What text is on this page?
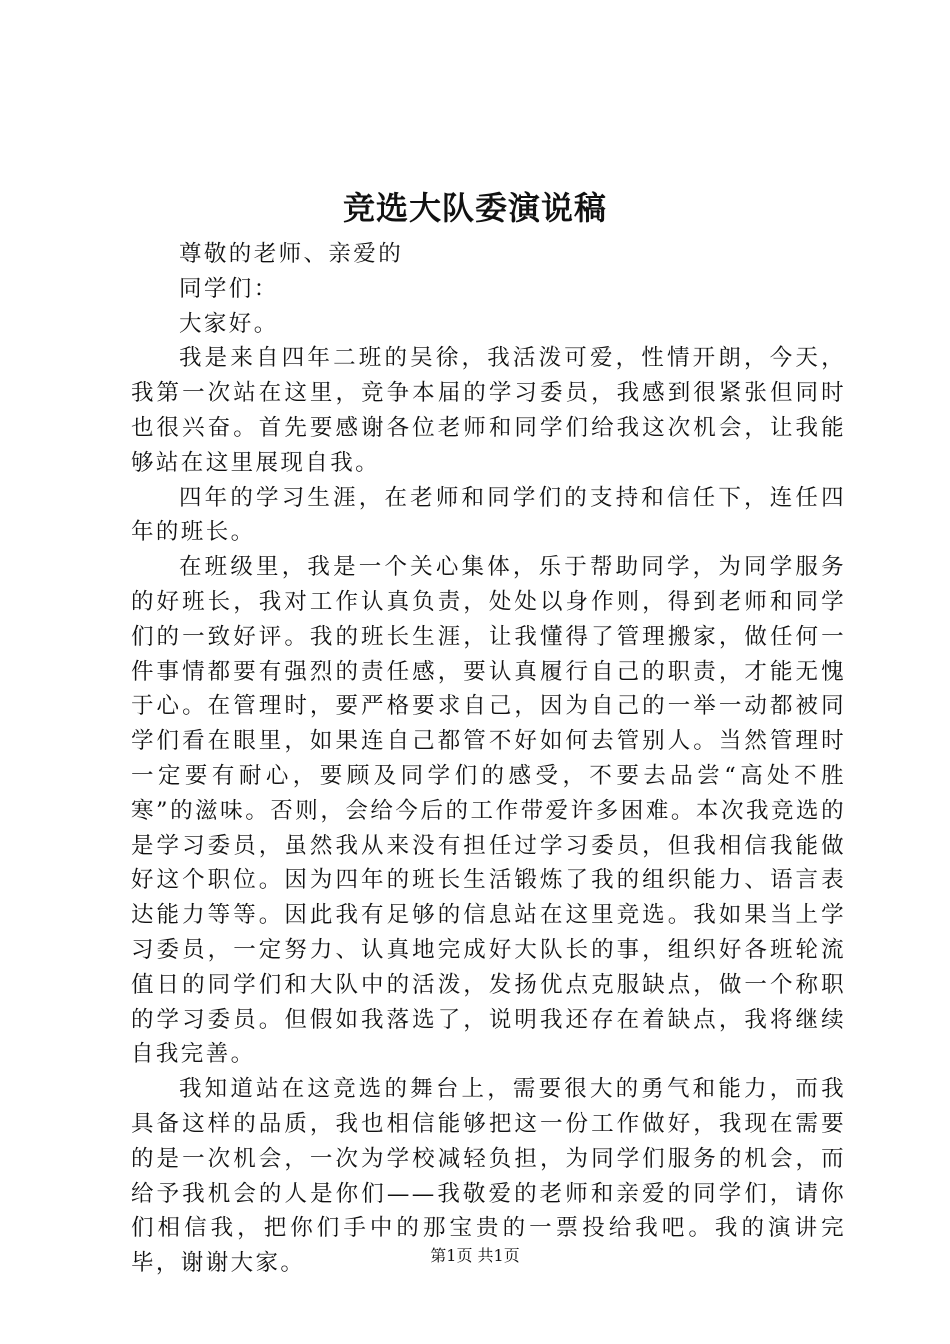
竞选大队委演说稿

尊敬的老师、亲爱的

同学们：

大家好。

我是来自四年二班的吴徐，我活泼可爱，性情开朗，今天，我第一次站在这里，竞争本届的学习委员，我感到很紧张但同时也很兴奋。首先要感谢各位老师和同学们给我这次机会，让我能够站在这里展现自我。

四年的学习生涯，在老师和同学们的支持和信任下，连任四年的班长。

在班级里，我是一个关心集体，乐于帮助同学，为同学服务的好班长，我对工作认真负责，处处以身作则，得到老师和同学们的一致好评。我的班长生涯，让我懂得了管理搬家，做任何一件事情都要有强烈的责任感，要认真履行自己的职责，才能无愧于心。在管理时，要严格要求自己，因为自己的一举一动都被同学们看在眼里，如果连自己都管不好如何去管别人。当然管理时一定要有耐心，要顾及同学们的感受，不要去品尝“高处不胜寒”的滋味。否则，会给今后的工作带爱许多困难。本次我竞选的是学习委员，虽然我从来没有担任过学习委员，但我相信我能做好这个职位。因为四年的班长生活锻炼了我的组织能力、语言表达能力等等。因此我有足够的信息站在这里竞选。我如果当上学习委员，一定努力、认真地完成好大队长的事，组织好各班轮流值日的同学们和大队中的活泼，发扬优点克服缺点，做一个称职的学习委员。但假如我落选了，说明我还存在着缺点，我将继续自我完善。

我知道站在这竞选的舞台上，需要很大的勇气和能力，而我具备这样的品质，我也相信能够把这一份工作做好，我现在需要的是一次机会，一次为学校减轻负担，为同学们服务的机会，而给予我机会的人是你们——我敬爱的老师和亲爱的同学们，请你们相信我，把你们手中的那宝贵的一票投给我吧。我的演讲完毕，谢谢大家。	第1页 共1页
